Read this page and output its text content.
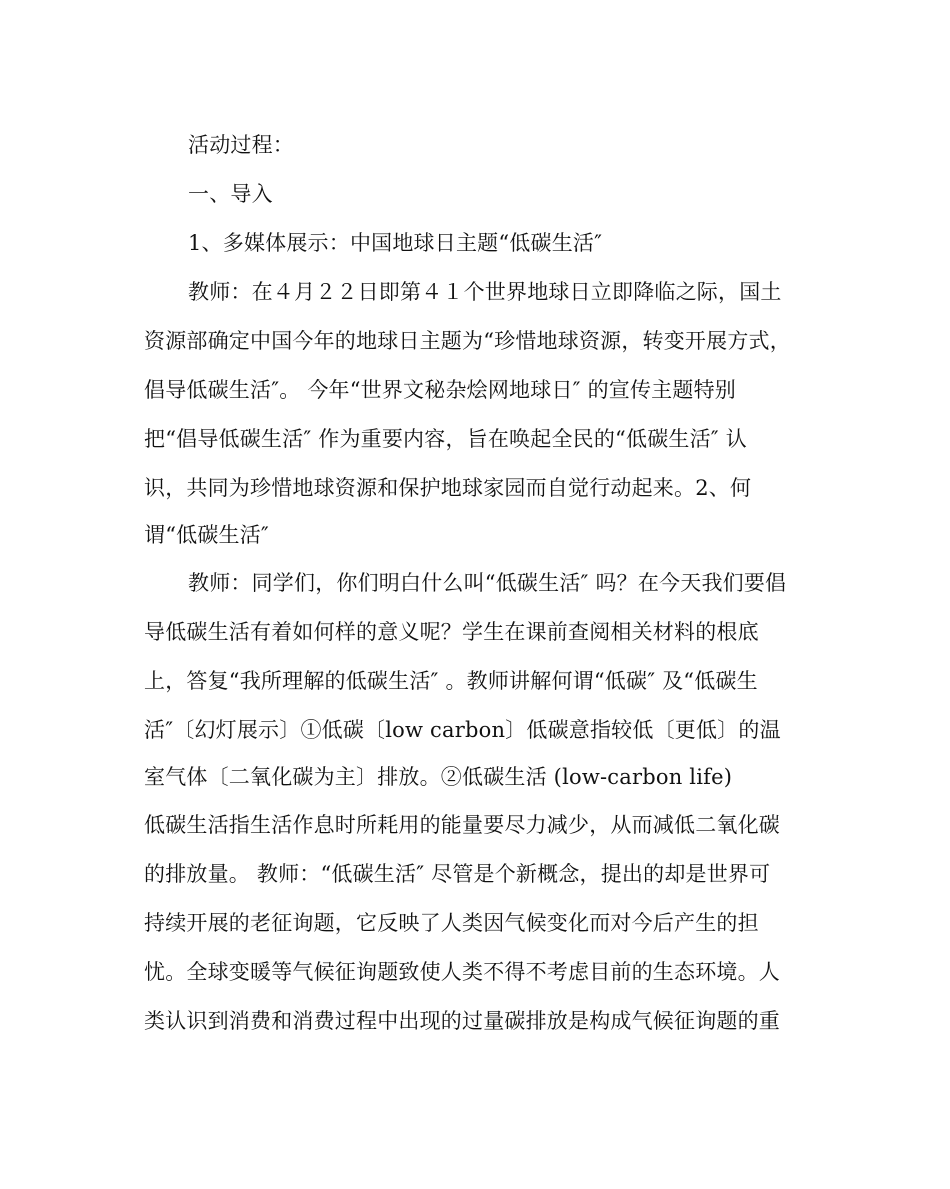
活动过程：
一、导入
1、多媒体展示：中国地球日主题“低碳生活″
教师：在４月２２日即第４１个世界地球日立即降临之际，国土
资源部确定中国今年的地球日主题为“珍惜地球资源，转变开展方式，
倡导低碳生活″。 今年“世界文秘杂烩网地球日″ 的宣传主题特别
把“倡导低碳生活″ 作为重要内容，旨在唤起全民的“低碳生活″ 认
识，共同为珍惜地球资源和保护地球家园而自觉行动起来。2、何
谓“低碳生活″
教师：同学们，你们明白什么叫“低碳生活″ 吗？在今天我们要倡
导低碳生活有着如何样的意义呢？学生在课前查阅相关材料的根底
上，答复“我所理解的低碳生活″ 。教师讲解何谓“低碳″ 及“低碳生
活″〔幻灯展示〕①低碳〔low carbon〕低碳意指较低〔更低〕的温
室气体〔二氧化碳为主〕排放。②低碳生活 (low-carbon life)
低碳生活指生活作息时所耗用的能量要尽力减少，从而减低二氧化碳
的排放量。 教师：“低碳生活″ 尽管是个新概念，提出的却是世界可
持续开展的老征询题，它反映了人类因气候变化而对今后产生的担
忧。全球变暖等气候征询题致使人类不得不考虑目前的生态环境。人
类认识到消费和消费过程中出现的过量碳排放是构成气候征询题的重
